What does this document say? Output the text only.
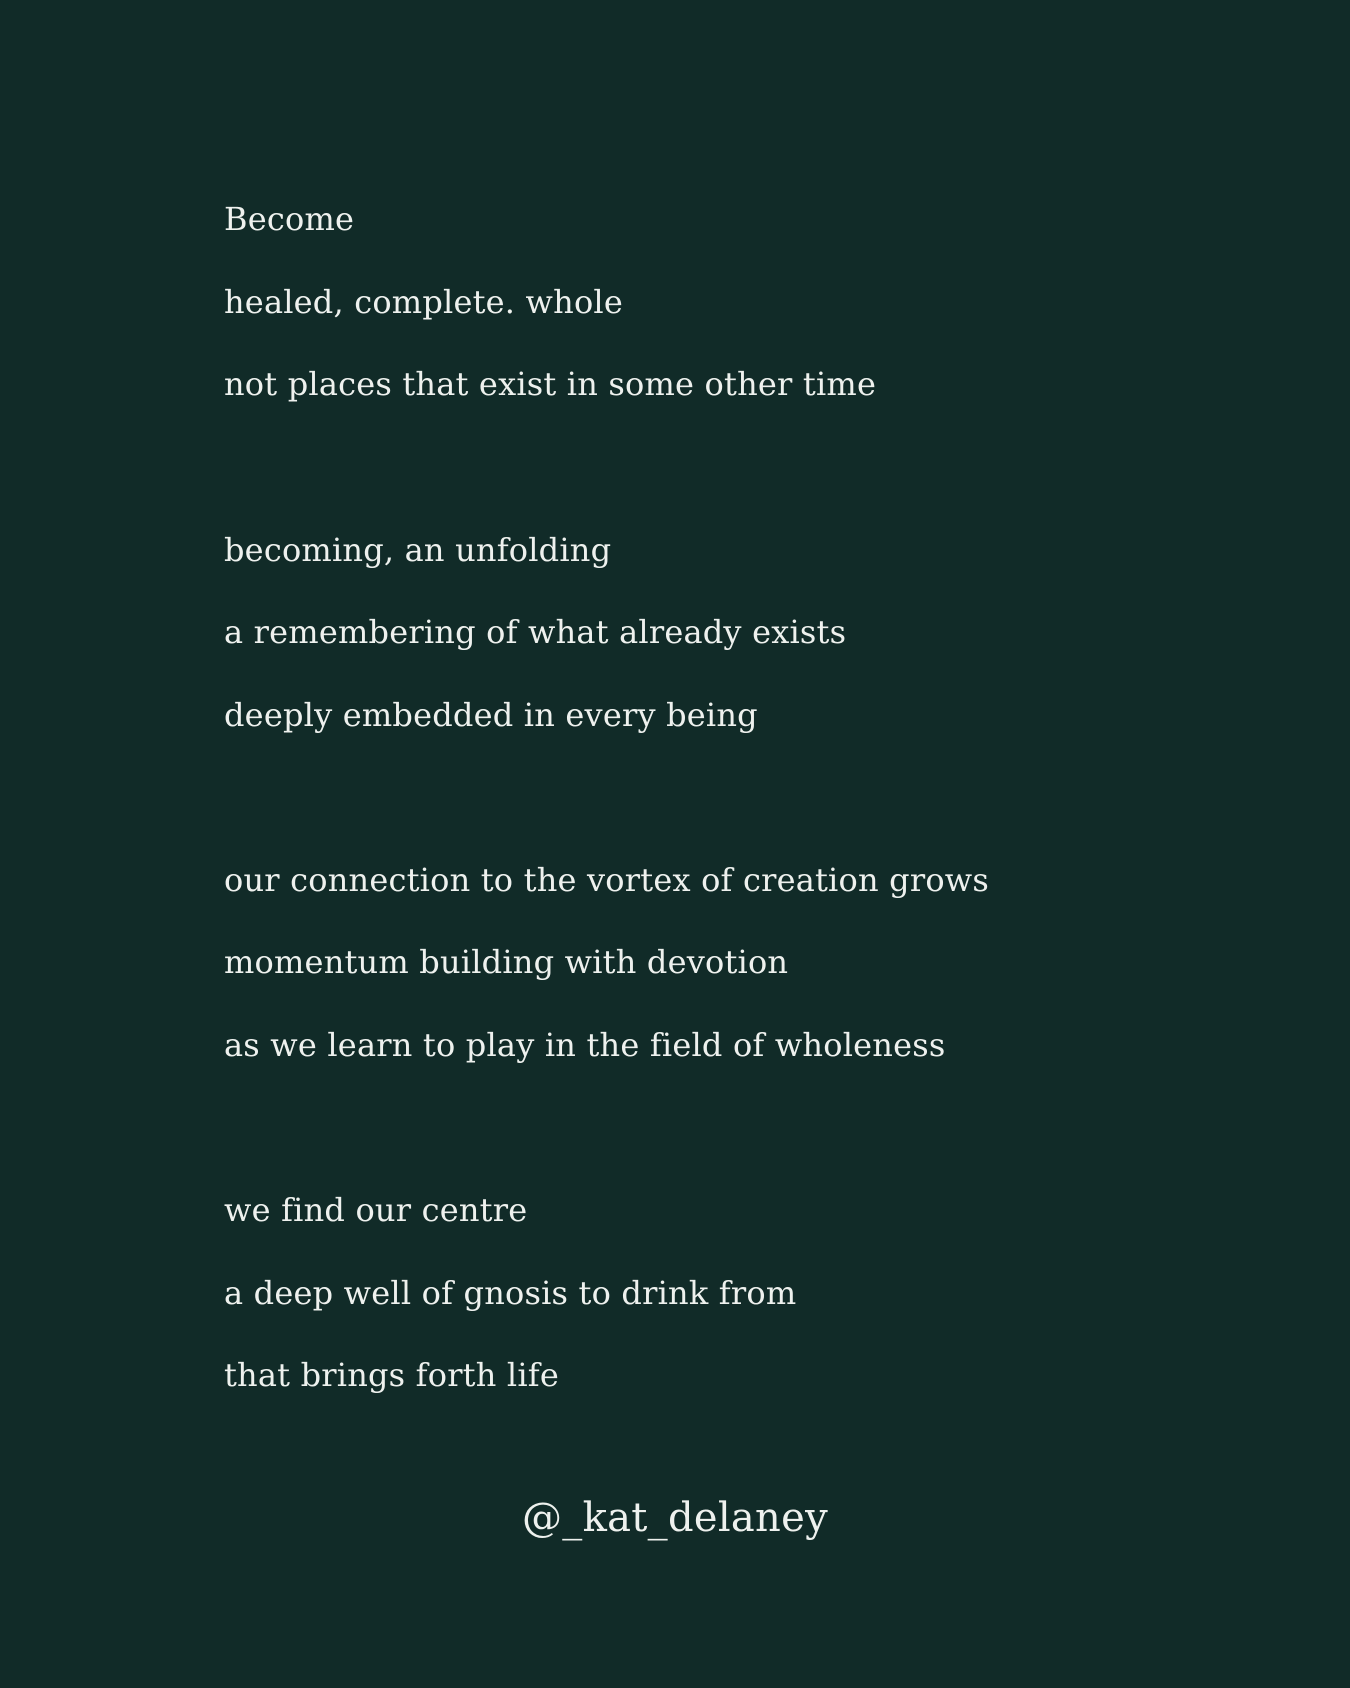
Become

healed, complete. whole

not places that exist in some other time

becoming, an unfolding

a remembering of what already exists

deeply embedded in every being

our connection to the vortex of creation grows

momentum building with devotion

as we learn to play in the field of wholeness

we find our centre

a deep well of gnosis to drink from

that brings forth life

@_kat_delaney
